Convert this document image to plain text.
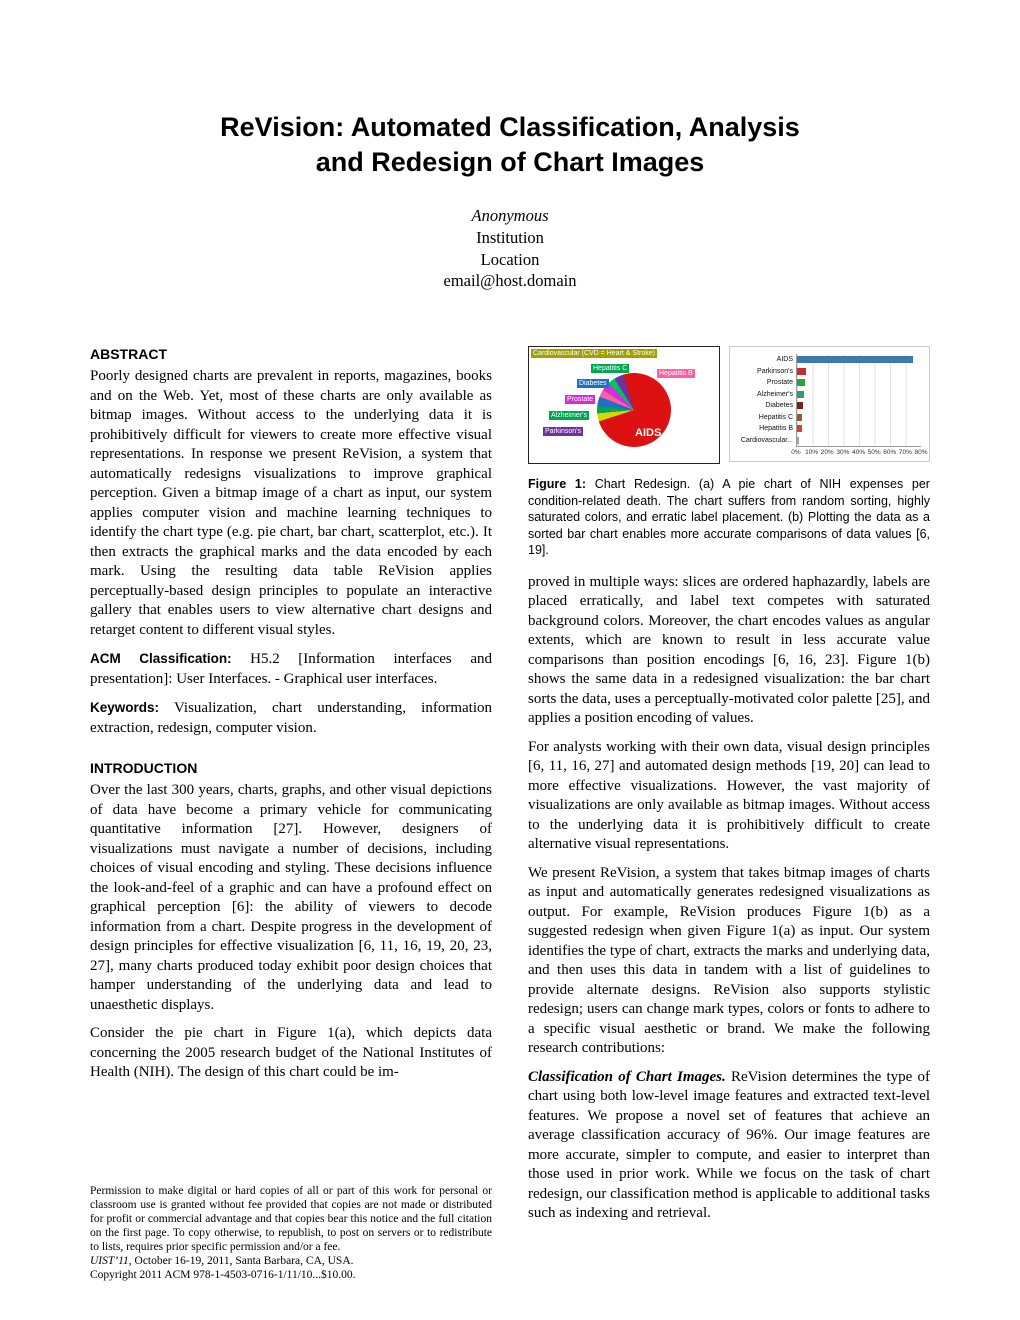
ReVision: Automated Classification, Analysis
and Redesign of Chart Images
Anonymous
Institution
Location
email@host.domain
ABSTRACT

Poorly designed charts are prevalent in reports, magazines, books and on the Web. Yet, most of these charts are only available as bitmap images. Without access to the underlying data it is prohibitively difficult for viewers to create more effective visual representations. In response we present ReVision, a system that automatically redesigns visualizations to improve graphical perception. Given a bitmap image of a chart as input, our system applies computer vision and machine learning techniques to identify the chart type (e.g. pie chart, bar chart, scatterplot, etc.). It then extracts the graphical marks and the data encoded by each mark. Using the resulting data table ReVision applies perceptually-based design principles to populate an interactive gallery that enables users to view alternative chart designs and retarget content to different visual styles.

ACM Classification: H5.2 [Information interfaces and presentation]: User Interfaces. - Graphical user interfaces.

Keywords: Visualization, chart understanding, information extraction, redesign, computer vision.

INTRODUCTION

Over the last 300 years, charts, graphs, and other visual depictions of data have become a primary vehicle for communicating quantitative information [27]. However, designers of visualizations must navigate a number of decisions, including choices of visual encoding and styling. These decisions influence the look-and-feel of a graphic and can have a profound effect on graphical perception [6]: the ability of viewers to decode information from a chart. Despite progress in the development of design principles for effective visualization [6, 11, 16, 19, 20, 23, 27], many charts produced today exhibit poor design choices that hamper understanding of the underlying data and lead to unaesthetic displays.

Consider the pie chart in Figure 1(a), which depicts data concerning the 2005 research budget of the National Institutes of Health (NIH). The design of this chart could be im-

Permission to make digital or hard copies of all or part of this work for personal or classroom use is granted without fee provided that copies are not made or distributed for profit or commercial advantage and that copies bear this notice and the full citation on the first page. To copy otherwise, to republish, to post on servers or to redistribute to lists, requires prior specific permission and/or a fee.
UIST’11, October 16-19, 2011, Santa Barbara, CA, USA.
Copyright 2011 ACM 978-1-4503-0716-1/11/10...$10.00.
Cardiovascular (CVD = Heart & Stroke)
Hepatitis C
Hepatitis B
Diabetes
Prostate
Alzheimer's
Parkinson's	AIDS
AIDS
Parkinson's
Prostate
Alzheimer's
Diabetes
Hepatitis C
Hepatitis B
Cardiovascular...
0% 10% 20% 30% 40% 50% 60% 70% 80%

Figure 1: Chart Redesign. (a) A pie chart of NIH expenses per condition-related death. The chart suffers from random sorting, highly saturated colors, and erratic label placement. (b) Plotting the data as a sorted bar chart enables more accurate comparisons of data values [6, 19].

proved in multiple ways: slices are ordered haphazardly, labels are placed erratically, and label text competes with saturated background colors. Moreover, the chart encodes values as angular extents, which are known to result in less accurate value comparisons than position encodings [6, 16, 23]. Figure 1(b) shows the same data in a redesigned visualization: the bar chart sorts the data, uses a perceptually-motivated color palette [25], and applies a position encoding of values.

For analysts working with their own data, visual design principles [6, 11, 16, 27] and automated design methods [19, 20] can lead to more effective visualizations. However, the vast majority of visualizations are only available as bitmap images. Without access to the underlying data it is prohibitively difficult to create alternative visual representations.

We present ReVision, a system that takes bitmap images of charts as input and automatically generates redesigned visualizations as output. For example, ReVision produces Figure 1(b) as a suggested redesign when given Figure 1(a) as input. Our system identifies the type of chart, extracts the marks and underlying data, and then uses this data in tandem with a list of guidelines to provide alternate designs. ReVision also supports stylistic redesign; users can change mark types, colors or fonts to adhere to a specific visual aesthetic or brand. We make the following research contributions:

Classification of Chart Images. ReVision determines the type of chart using both low-level image features and extracted text-level features. We propose a novel set of features that achieve an average classification accuracy of 96%. Our image features are more accurate, simpler to compute, and easier to interpret than those used in prior work. While we focus on the task of chart redesign, our classification method is applicable to additional tasks such as indexing and retrieval.
